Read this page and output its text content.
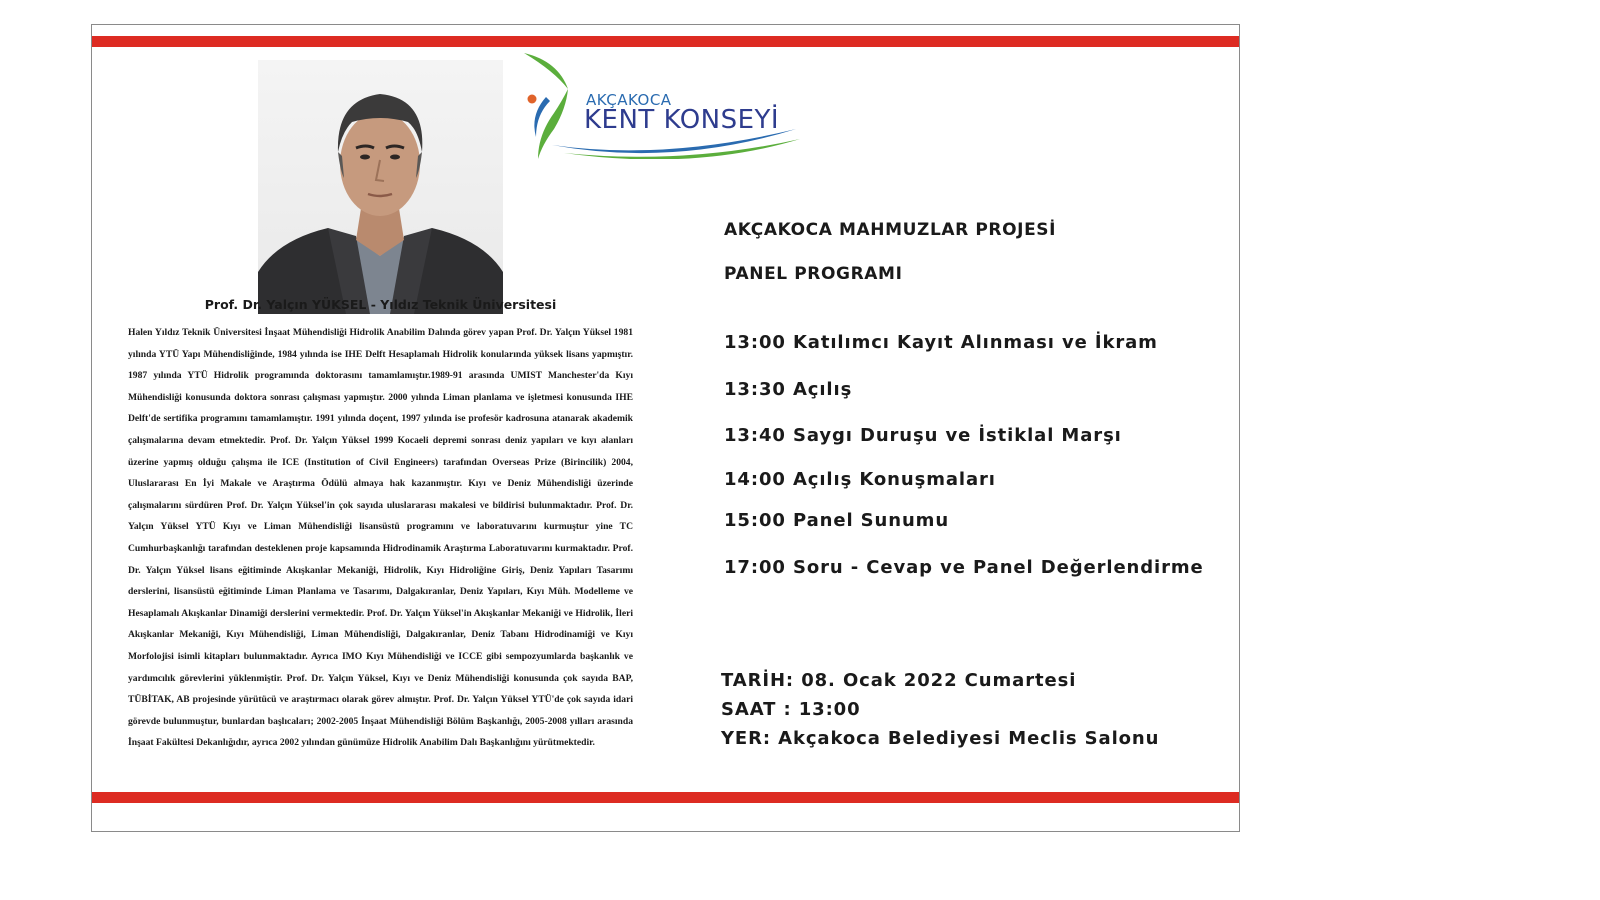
Prof. Dr. Yalçın YÜKSEL - Yıldız Teknik Üniversitesi

Halen Yıldız Teknik Üniversitesi İnşaat Mühendisliği Hidrolik Anabilim Dalında görev yapan Prof. Dr. Yalçın Yüksel 1981 yılında YTÜ Yapı Mühendisliğinde, 1984 yılında ise IHE Delft Hesaplamalı Hidrolik konularında yüksek lisans yapmıştır. 1987 yılında YTÜ Hidrolik programında doktorasını tamamlamıştır.1989-91 arasında UMIST Manchester'da Kıyı Mühendisliği konusunda doktora sonrası çalışması yapmıştır. 2000 yılında Liman planlama ve işletmesi konusunda IHE Delft'de sertifika programını tamamlamıştır. 1991 yılında doçent, 1997 yılında ise profesör kadrosuna atanarak akademik çalışmalarına devam etmektedir. Prof. Dr. Yalçın Yüksel 1999 Kocaeli depremi sonrası deniz yapıları ve kıyı alanları üzerine yapmış olduğu çalışma ile ICE (Institution of Civil Engineers) tarafından Overseas Prize (Birincilik) 2004, Uluslararası En İyi Makale ve Araştırma Ödülü almaya hak kazanmıştır. Kıyı ve Deniz Mühendisliği üzerinde çalışmalarını sürdüren Prof. Dr. Yalçın Yüksel'in çok sayıda uluslararası makalesi ve bildirisi bulunmaktadır. Prof. Dr. Yalçın Yüksel YTÜ Kıyı ve Liman Mühendisliği lisansüstü programını ve laboratuvarını kurmuştur yine TC Cumhurbaşkanlığı tarafından desteklenen proje kapsamında Hidrodinamik Araştırma Laboratuvarını kurmaktadır. Prof. Dr. Yalçın Yüksel lisans eğitiminde Akışkanlar Mekaniği, Hidrolik, Kıyı Hidroliğine Giriş, Deniz Yapıları Tasarımı derslerini, lisansüstü eğitiminde Liman Planlama ve Tasarımı, Dalgakıranlar, Deniz Yapıları, Kıyı Müh. Modelleme ve Hesaplamalı Akışkanlar Dinamiği derslerini vermektedir. Prof. Dr. Yalçın Yüksel'in Akışkanlar Mekaniği ve Hidrolik, İleri Akışkanlar Mekaniği, Kıyı Mühendisliği, Liman Mühendisliği, Dalgakıranlar, Deniz Tabanı Hidrodinamiği ve Kıyı Morfolojisi isimli kitapları bulunmaktadır. Ayrıca IMO Kıyı Mühendisliği ve ICCE gibi sempozyumlarda başkanlık ve yardımcılık görevlerini yüklenmiştir. Prof. Dr. Yalçın Yüksel, Kıyı ve Deniz Mühendisliği konusunda çok sayıda BAP, TÜBİTAK, AB projesinde yürütücü ve araştırmacı olarak görev almıştır. Prof. Dr. Yalçın Yüksel YTÜ'de çok sayıda idari görevde bulunmuştur, bunlardan başlıcaları; 2002-2005 İnşaat Mühendisliği Bölüm Başkanlığı, 2005-2008 yılları arasında İnşaat Fakültesi Dekanlığıdır, ayrıca 2002 yılından günümüze Hidrolik Anabilim Dalı Başkanlığını yürütmektedir.

AKÇAKOCA

KENT KONSEYİ

AKÇAKOCA MAHMUZLAR PROJESİ

PANEL PROGRAMI

13:00 Katılımcı Kayıt Alınması ve İkram
13:30 Açılış
13:40 Saygı Duruşu ve İstiklal Marşı
14:00 Açılış Konuşmaları
15:00 Panel Sunumu
17:00 Soru - Cevap ve Panel Değerlendirme

TARİH: 08. Ocak 2022 Cumartesi

SAAT : 13:00

YER: Akçakoca Belediyesi Meclis Salonu
